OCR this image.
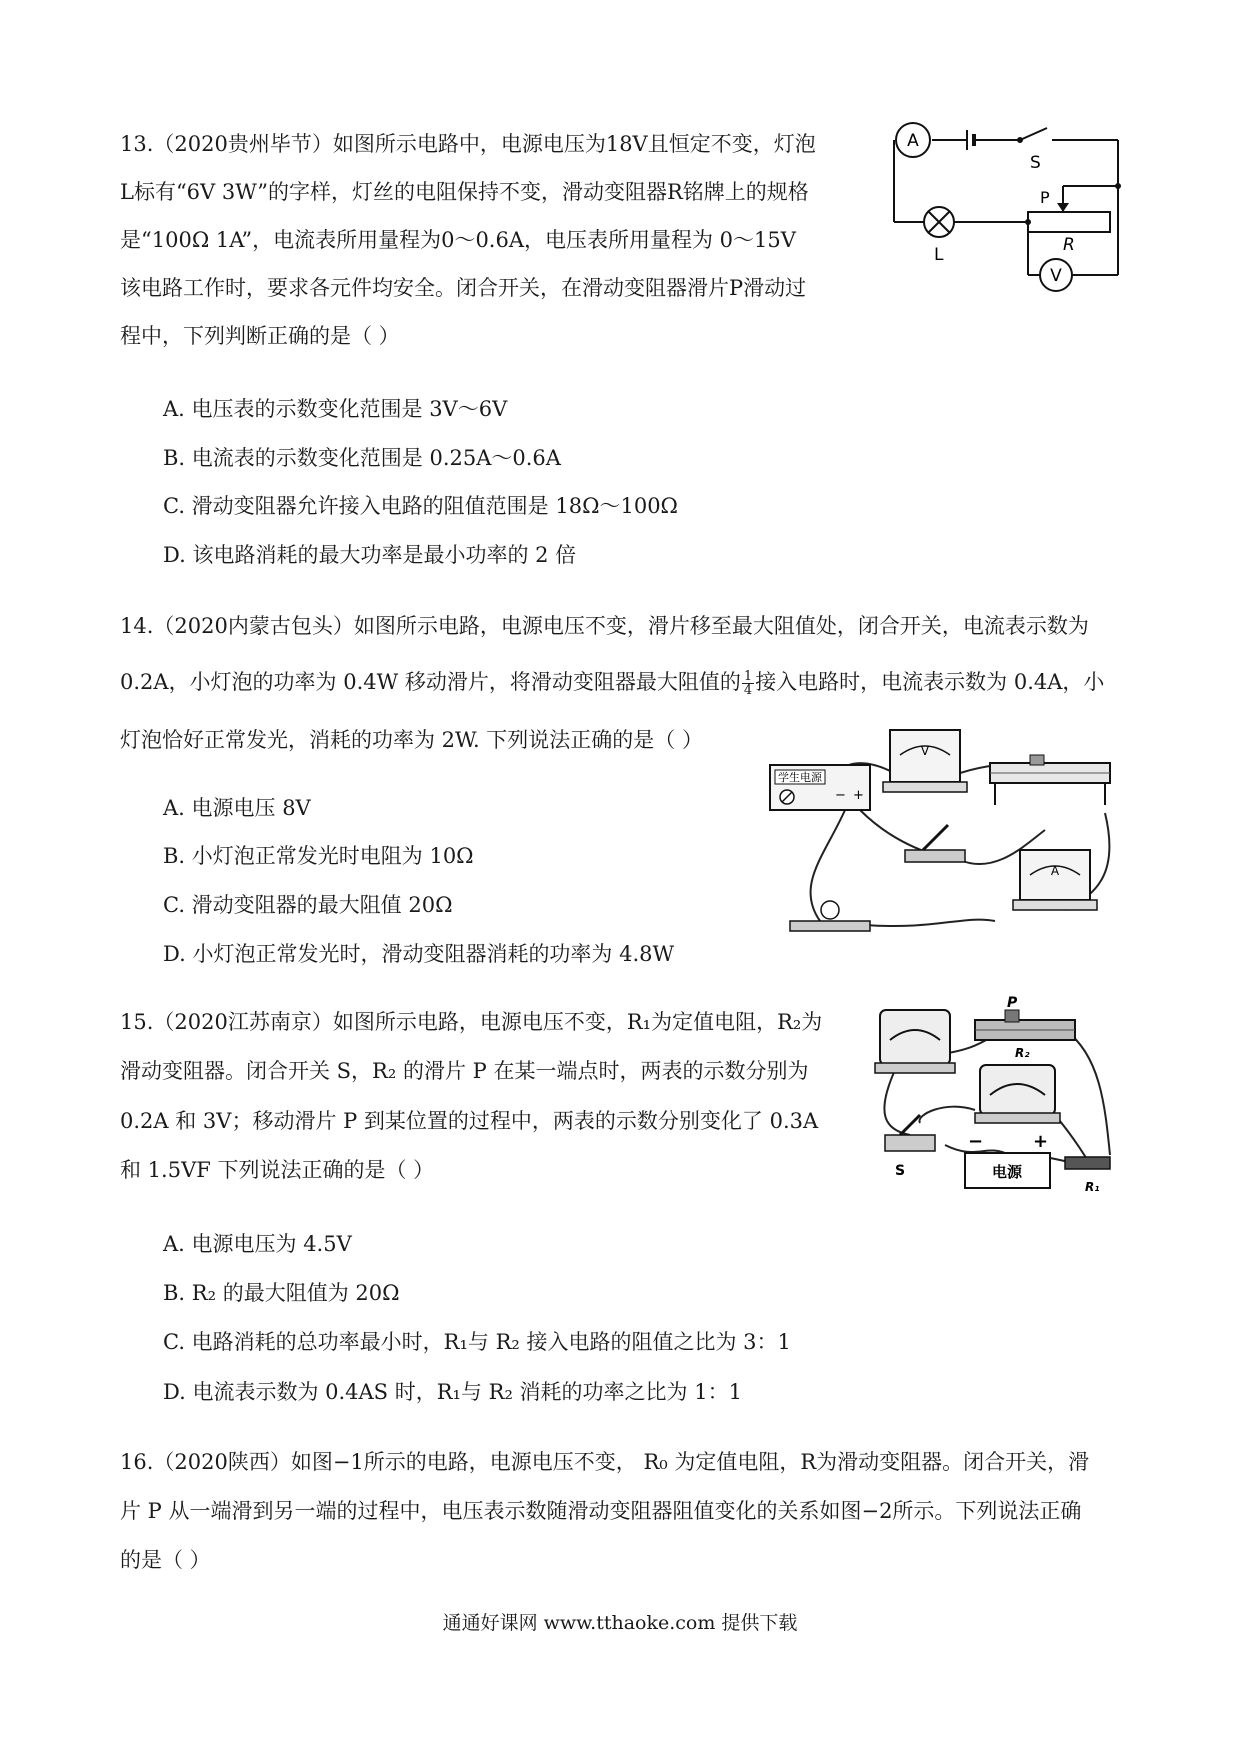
13.（2020贵州毕节）如图所示电路中，电源电压为18V且恒定不变，灯泡
L标有“6V 3W”的字样，灯丝的电阻保持不变，滑动变阻器R铭牌上的规格
是“100Ω 1A”，电流表所用量程为0～0.6A，电压表所用量程为 0～15V
该电路工作时，要求各元件均安全。闭合开关，在滑动变阻器滑片P滑动过
程中，下列判断正确的是（ ）
A. 电压表的示数变化范围是 3V～6V
B. 电流表的示数变化范围是 0.25A～0.6A
C. 滑动变阻器允许接入电路的阻值范围是 18Ω～100Ω
D. 该电路消耗的最大功率是最小功率的 2 倍
A
S
L
P
R
V
14.（2020内蒙古包头）如图所示电路，电源电压不变，滑片移至最大阻值处，闭合开关，电流表示数为
0.2A，小灯泡的功率为 0.4W 移动滑片，将滑动变阻器最大阻值的 $\frac{1}{4}$ 接入电路时，电流表示数为 0.4A，小
灯泡恰好正常发光，消耗的功率为 2W. 下列说法正确的是（ ）
A. 电源电压 8V
B. 小灯泡正常发光时电阻为 10Ω
C. 滑动变阻器的最大阻值 20Ω
D. 小灯泡正常发光时，滑动变阻器消耗的功率为 4.8W
学生电源
− +
V
A
15.（2020江苏南京）如图所示电路，电源电压不变，R₁为定值电阻，R₂为
滑动变阻器。闭合开关 S，R₂ 的滑片 P 在某一端点时，两表的示数分别为
0.2A 和 3V；移动滑片 P 到某位置的过程中，两表的示数分别变化了 0.3A
和 1.5VF 下列说法正确的是（ ）
A. 电源电压为 4.5V
B. R₂ 的最大阻值为 20Ω
C. 电路消耗的总功率最小时，R₁与 R₂ 接入电路的阻值之比为 3：1
D. 电流表示数为 0.4AS 时，R₁与 R₂ 消耗的功率之比为 1：1
P
R₂
S	电源
−	+
R₁
16.（2020陕西）如图−1所示的电路，电源电压不变， R₀ 为定值电阻，R为滑动变阻器。闭合开关，滑
片 P 从一端滑到另一端的过程中，电压表示数随滑动变阻器阻值变化的关系如图−2所示。下列说法正确
的是（ ）
通通好课网 www.tthaoke.com 提供下载
